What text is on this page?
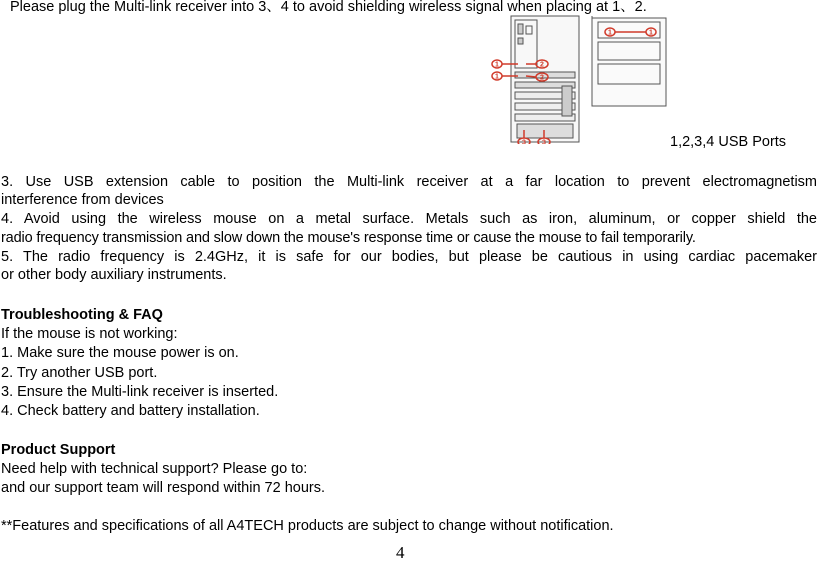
Please plug the Multi-link receiver into 3、4 to avoid shielding wireless signal when placing at 1、2.
1	2
1	2
3 3
1	1
1,2,3,4 USB Ports
3. Use USB extension cable to position the Multi-link receiver at a far location to prevent electromagnetism
interference from devices
4. Avoid using the wireless mouse on a metal surface. Metals such as iron, aluminum, or copper shield the
radio frequency transmission and slow down the mouse's response time or cause the mouse to fail temporarily.
5. The radio frequency is 2.4GHz, it is safe for our bodies, but please be cautious in using cardiac pacemaker
or other body auxiliary instruments.
Troubleshooting & FAQ
If the mouse is not working:
1. Make sure the mouse power is on.
2. Try another USB port.
3. Ensure the Multi-link receiver is inserted.
4. Check battery and battery installation.
Product Support
Need help with technical support? Please go to:
and our support team will respond within 72 hours.
**Features and specifications of all A4TECH products are subject to change without notification.
4
